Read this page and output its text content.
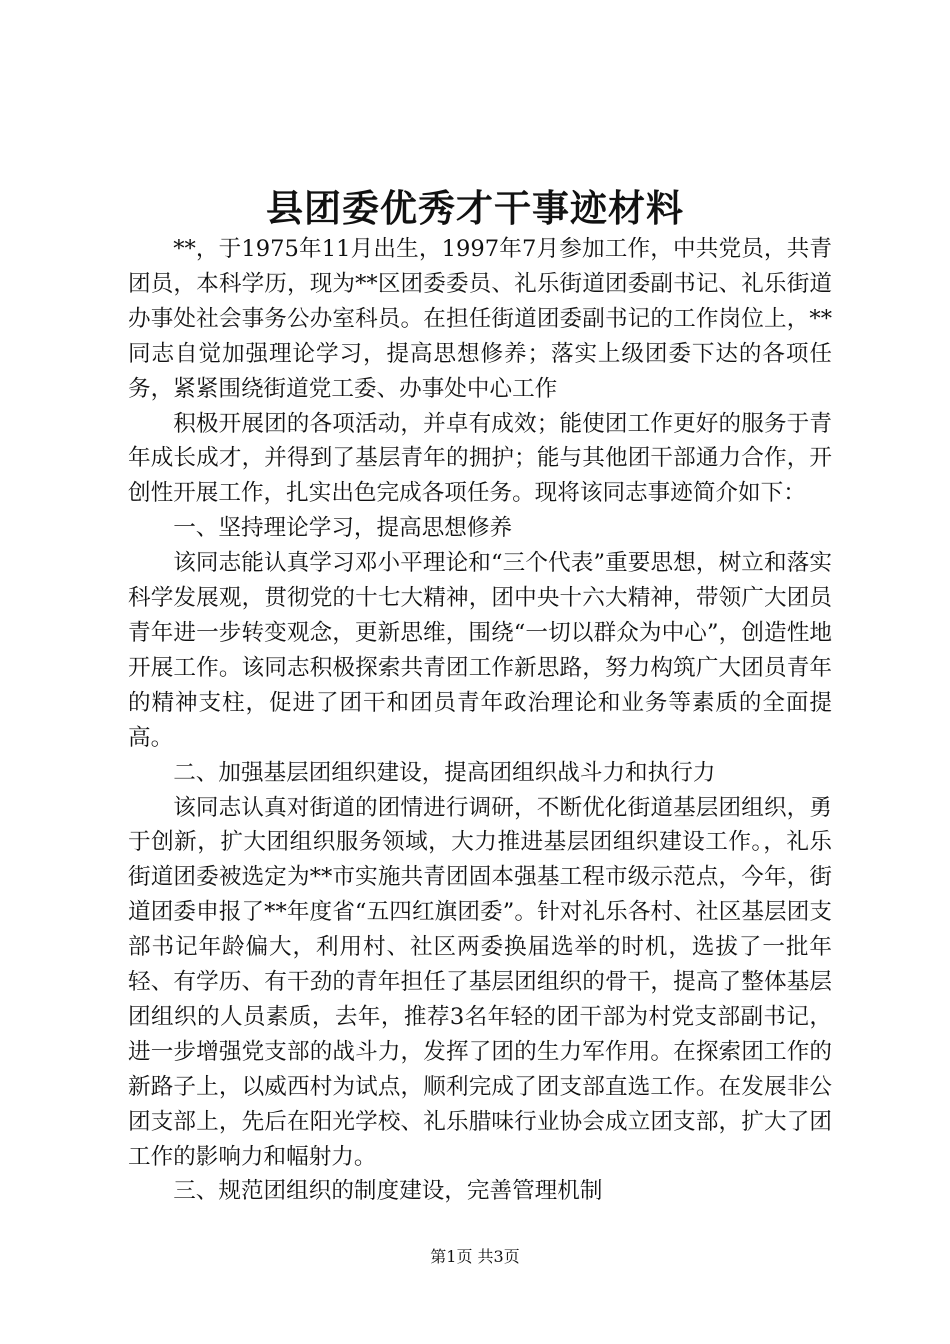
县团委优秀才干事迹材料

**，于1975年11月出生，1997年7月参加工作，中共党员，共青团员，本科学历，现为**区团委委员、礼乐街道团委副书记、礼乐街道办事处社会事务公办室科员。在担任街道团委副书记的工作岗位上，**同志自觉加强理论学习，提高思想修养；落实上级团委下达的各项任务，紧紧围绕街道党工委、办事处中心工作

积极开展团的各项活动，并卓有成效；能使团工作更好的服务于青年成长成才，并得到了基层青年的拥护；能与其他团干部通力合作，开创性开展工作，扎实出色完成各项任务。现将该同志事迹简介如下：

一、坚持理论学习，提高思想修养

该同志能认真学习邓小平理论和“三个代表”重要思想，树立和落实科学发展观，贯彻党的十七大精神，团中央十六大精神，带领广大团员青年进一步转变观念，更新思维，围绕“一切以群众为中心”，创造性地开展工作。该同志积极探索共青团工作新思路，努力构筑广大团员青年的精神支柱，促进了团干和团员青年政治理论和业务等素质的全面提高。

二、加强基层团组织建设，提高团组织战斗力和执行力

该同志认真对街道的团情进行调研，不断优化街道基层团组织，勇于创新，扩大团组织服务领域，大力推进基层团组织建设工作。，礼乐街道团委被选定为**市实施共青团固本强基工程市级示范点，今年，街道团委申报了**年度省“五四红旗团委”。针对礼乐各村、社区基层团支部书记年龄偏大，利用村、社区两委换届选举的时机，选拔了一批年轻、有学历、有干劲的青年担任了基层团组织的骨干，提高了整体基层团组织的人员素质，去年，推荐3名年轻的团干部为村党支部副书记，进一步增强党支部的战斗力，发挥了团的生力军作用。在探索团工作的新路子上，以威西村为试点，顺利完成了团支部直选工作。在发展非公团支部上，先后在阳光学校、礼乐腊味行业协会成立团支部，扩大了团工作的影响力和幅射力。

三、规范团组织的制度建设，完善管理机制

第1页 共3页
